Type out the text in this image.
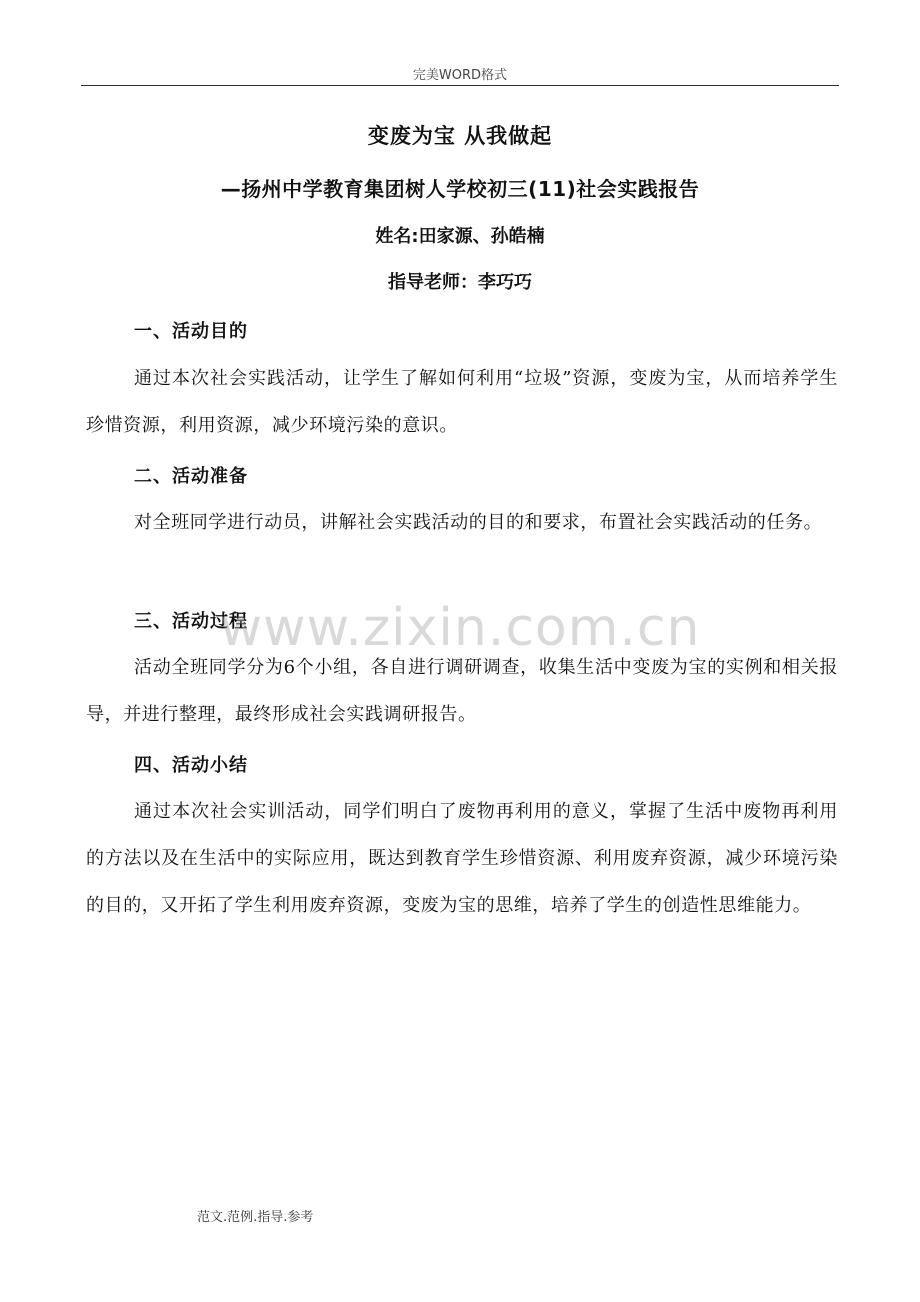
完美WORD格式
变废为宝 从我做起
—扬州中学教育集团树人学校初三(11)社会实践报告
姓名:田家源、孙皓楠
指导老师：李巧巧
一、活动目的
通过本次社会实践活动，让学生了解如何利用“垃圾”资源，变废为宝，从而培养学生珍惜资源，利用资源，减少环境污染的意识。
二、活动准备
对全班同学进行动员，讲解社会实践活动的目的和要求，布置社会实践活动的任务。
三、活动过程
活动全班同学分为6个小组，各自进行调研调查，收集生活中变废为宝的实例和相关报导，并进行整理，最终形成社会实践调研报告。
四、活动小结
通过本次社会实训活动，同学们明白了废物再利用的意义，掌握了生活中废物再利用的方法以及在生活中的实际应用，既达到教育学生珍惜资源、利用废弃资源，减少环境污染的目的，又开拓了学生利用废弃资源，变废为宝的思维，培养了学生的创造性思维能力。
www.zixin.com.cn
范文.范例.指导.参考
